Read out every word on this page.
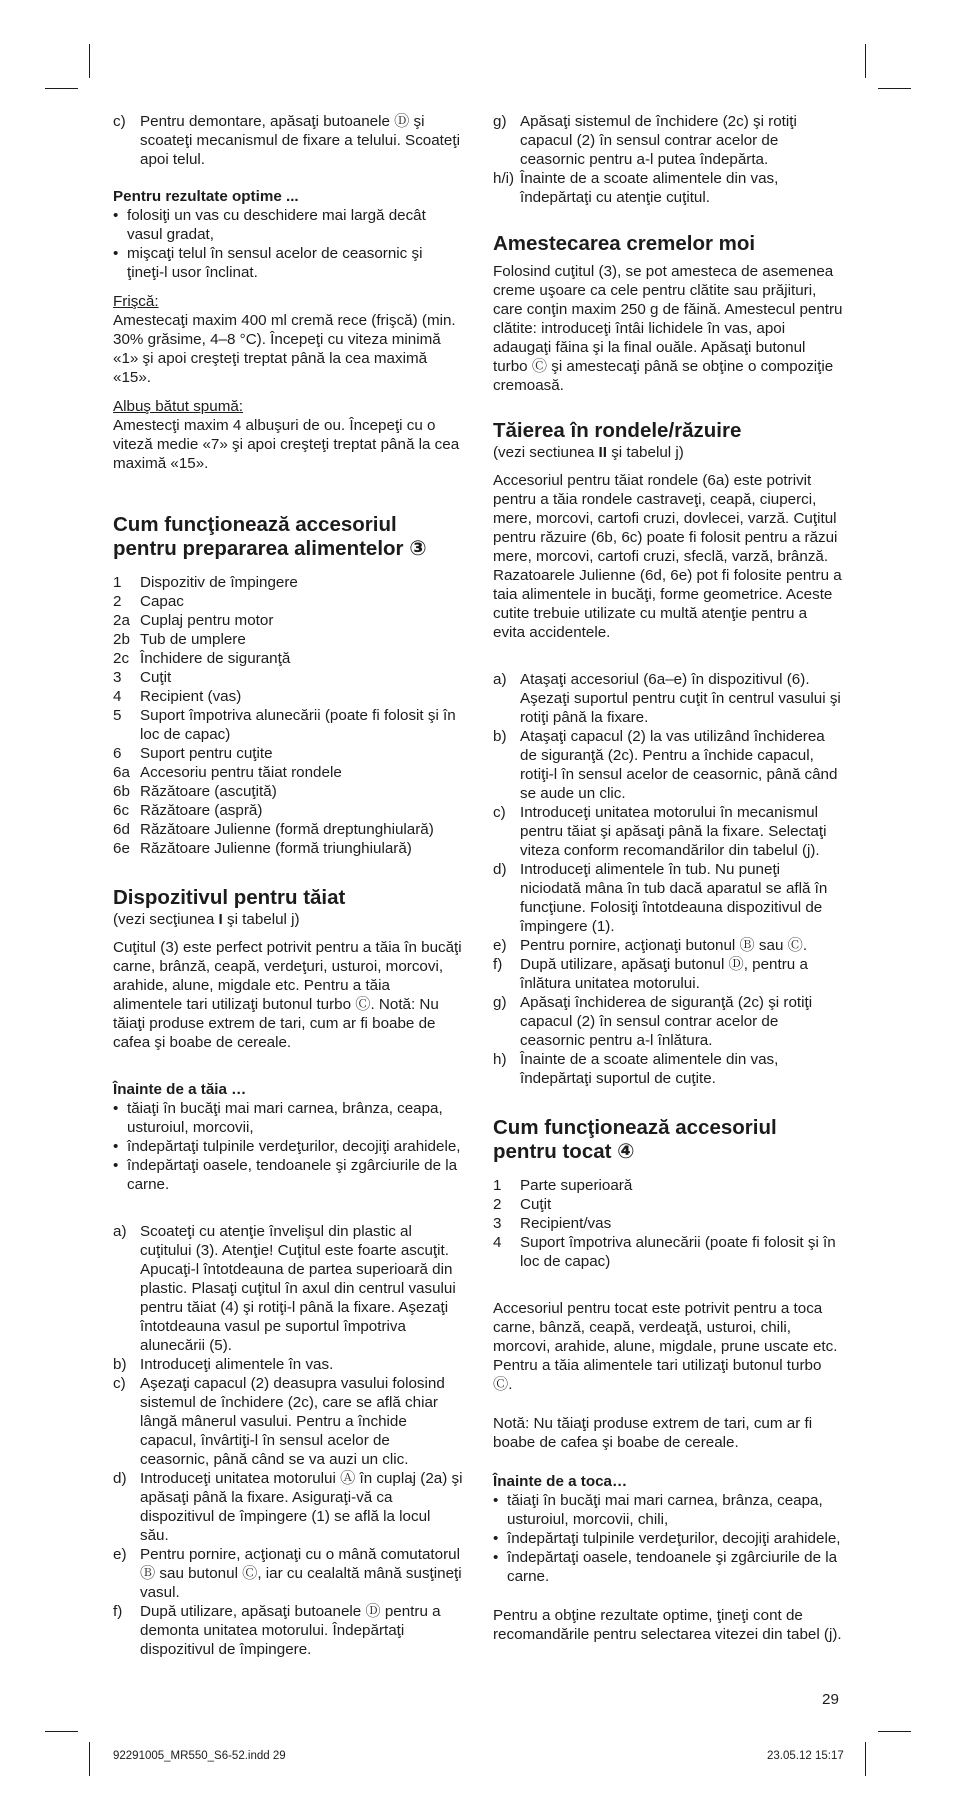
c) Pentru demontare, apăsaţi butoanele Ⓓ şi scoateţi mecanismul de fixare a telului. Scoateţi apoi telul.

Pentru rezultate optime ...

• folosiţi un vas cu deschidere mai largă decât vasul gradat,
• mişcaţi telul în sensul acelor de ceasornic şi ţineţi-l usor înclinat.

Frişcă:

Amestecaţi maxim 400 ml cremă rece (frişcă) (min. 30% grăsime, 4–8 °C). Începeţi cu viteza minimă «1» şi apoi creşteţi treptat până la cea maximă «15».

Albuş bătut spumă:

Amestecţi maxim 4 albuşuri de ou. Începeţi cu o viteză medie «7» şi apoi creşteţi treptat până la cea maximă «15».

Cum funcţionează accesoriul pentru prepararea alimentelor ③

1	Dispozitiv de împingere
2	Capac
2a Cuplaj pentru motor
2b Tub de umplere
2c Închidere de siguranţă
3	Cuţit
4	Recipient (vas)
5	Suport împotriva alunecării (poate fi folosit şi în loc de capac)
6	Suport pentru cuţite
6a Accesoriu pentru tăiat rondele
6b Răzătoare (ascuţită)
6c Răzătoare (aspră)
6d Răzătoare Julienne (formă dreptunghiulară)
6e Răzătoare Julienne (formă triunghiulară)

Dispozitivul pentru tăiat

(vezi secţiunea I şi tabelul j)

Cuţitul (3) este perfect potrivit pentru a tăia în bucăţi carne, brânză, ceapă, verdeţuri, usturoi, morcovi, arahide, alune, migdale etc. Pentru a tăia alimentele tari utilizaţi butonul turbo Ⓒ. Notă: Nu tăiaţi produse extrem de tari, cum ar fi boabe de cafea şi boabe de cereale.

Înainte de a tăia …

• tăiaţi în bucăţi mai mari carnea, brânza, ceapa, usturoiul, morcovii,
• îndepărtaţi tulpinile verdeţurilor, decojiţi arahidele,
• îndepărtaţi oasele, tendoanele şi zgârciurile de la carne.
a) Scoateţi cu atenţie învelişul din plastic al cuţitului (3). Atenţie! Cuţitul este foarte ascuţit. Apucaţi-l întotdeauna de partea superioară din plastic. Plasaţi cuţitul în axul din centrul vasului pentru tăiat (4) şi rotiţi-l până la fixare. Aşezaţi întotdeauna vasul pe suportul împotriva alunecării (5).
b) Introduceţi alimentele în vas.
c) Aşezaţi capacul (2) deasupra vasului folosind sistemul de închidere (2c), care se află chiar lângă mânerul vasului. Pentru a închide capacul, învârtiţi-l în sensul acelor de ceasornic, până când se va auzi un clic.
d) Introduceţi unitatea motorului Ⓐ în cuplaj (2a) şi apăsaţi până la fixare. Asiguraţi-vă ca dispozitivul de împingere (1) se află la locul său.
e) Pentru pornire, acţionaţi cu o mână comutatorul Ⓑ sau butonul Ⓒ, iar cu cealaltă mână susţineţi vasul.
f)	După utilizare, apăsaţi butoanele Ⓓ pentru a demonta unitatea motorului. Îndepărtaţi dispozitivul de împingere.
g) Apăsaţi sistemul de închidere (2c) şi rotiţi capacul (2) în sensul contrar acelor de ceasornic pentru a-l putea îndepărta.
h/i) Înainte de a scoate alimentele din vas, îndepărtaţi cu atenţie cuţitul.

Amestecarea cremelor moi

Folosind cuţitul (3), se pot amesteca de asemenea creme uşoare ca cele pentru clătite sau prăjituri, care conţin maxim 250 g de făină. Amestecul pentru clătite: introduceţi întâi lichidele în vas, apoi adaugaţi făina şi la final ouăle. Apăsaţi butonul turbo Ⓒ şi amestecaţi până se obţine o compoziţie cremoasă.

Tăierea în rondele/răzuire

(vezi sectiunea II şi tabelul j)

Accesoriul pentru tăiat rondele (6a) este potrivit pentru a tăia rondele castraveţi, ceapă, ciuperci, mere, morcovi, cartofi cruzi, dovlecei, varză. Cuţitul pentru răzuire (6b, 6c) poate fi folosit pentru a răzui mere, morcovi, cartofi cruzi, sfeclă, varză, brânză. Razatoarele Julienne (6d, 6e) pot fi folosite pentru a taia alimentele in bucăţi, forme geometrice. Aceste cutite trebuie utilizate cu multă atenţie pentru a evita accidentele.

a) Ataşaţi accesoriul (6a–e) în dispozitivul (6). Aşezaţi suportul pentru cuţit în centrul vasului şi rotiţi până la fixare.
b) Ataşaţi capacul (2) la vas utilizând închiderea de siguranţă (2c). Pentru a închide capacul, rotiţi-l în sensul acelor de ceasornic, până când se aude un clic.
c) Introduceţi unitatea motorului în mecanismul pentru tăiat şi apăsaţi până la fixare. Selectaţi viteza conform recomandărilor din tabelul (j).
d) Introduceţi alimentele în tub. Nu puneţi niciodată mâna în tub dacă aparatul se află în funcţiune. Folosiţi întotdeauna dispozitivul de împingere (1).
e) Pentru pornire, acţionaţi butonul Ⓑ sau Ⓒ.
f)	După utilizare, apăsaţi butonul Ⓓ, pentru a înlătura unitatea motorului.
g) Apăsaţi închiderea de siguranţă (2c) şi rotiţi capacul (2) în sensul contrar acelor de ceasornic pentru a-l înlătura.
h) Înainte de a scoate alimentele din vas, îndepărtaţi suportul de cuţite.

Cum funcţionează accesoriul pentru tocat ④

1	Parte superioară
2	Cuţit
3	Recipient/vas
4	Suport împotriva alunecării (poate fi folosit şi în loc de capac)

Accesoriul pentru tocat este potrivit pentru a toca carne, bânză, ceapă, verdeaţă, usturoi, chili, morcovi, arahide, alune, migdale, prune uscate etc. Pentru a tăia alimentele tari utilizaţi butonul turbo Ⓒ.

Notă: Nu tăiaţi produse extrem de tari, cum ar fi boabe de cafea şi boabe de cereale.

Înainte de a toca…

• tăiaţi în bucăţi mai mari carnea, brânza, ceapa, usturoiul, morcovii, chili,
• îndepărtaţi tulpinile verdeţurilor, decojiţi arahidele,
• îndepărtaţi oasele, tendoanele şi zgârciurile de la carne.

Pentru a obţine rezultate optime, ţineţi cont de recomandările pentru selectarea vitezei din tabel (j).

29
92291005_MR550_S6-52.indd 29	23.05.12 15:17
